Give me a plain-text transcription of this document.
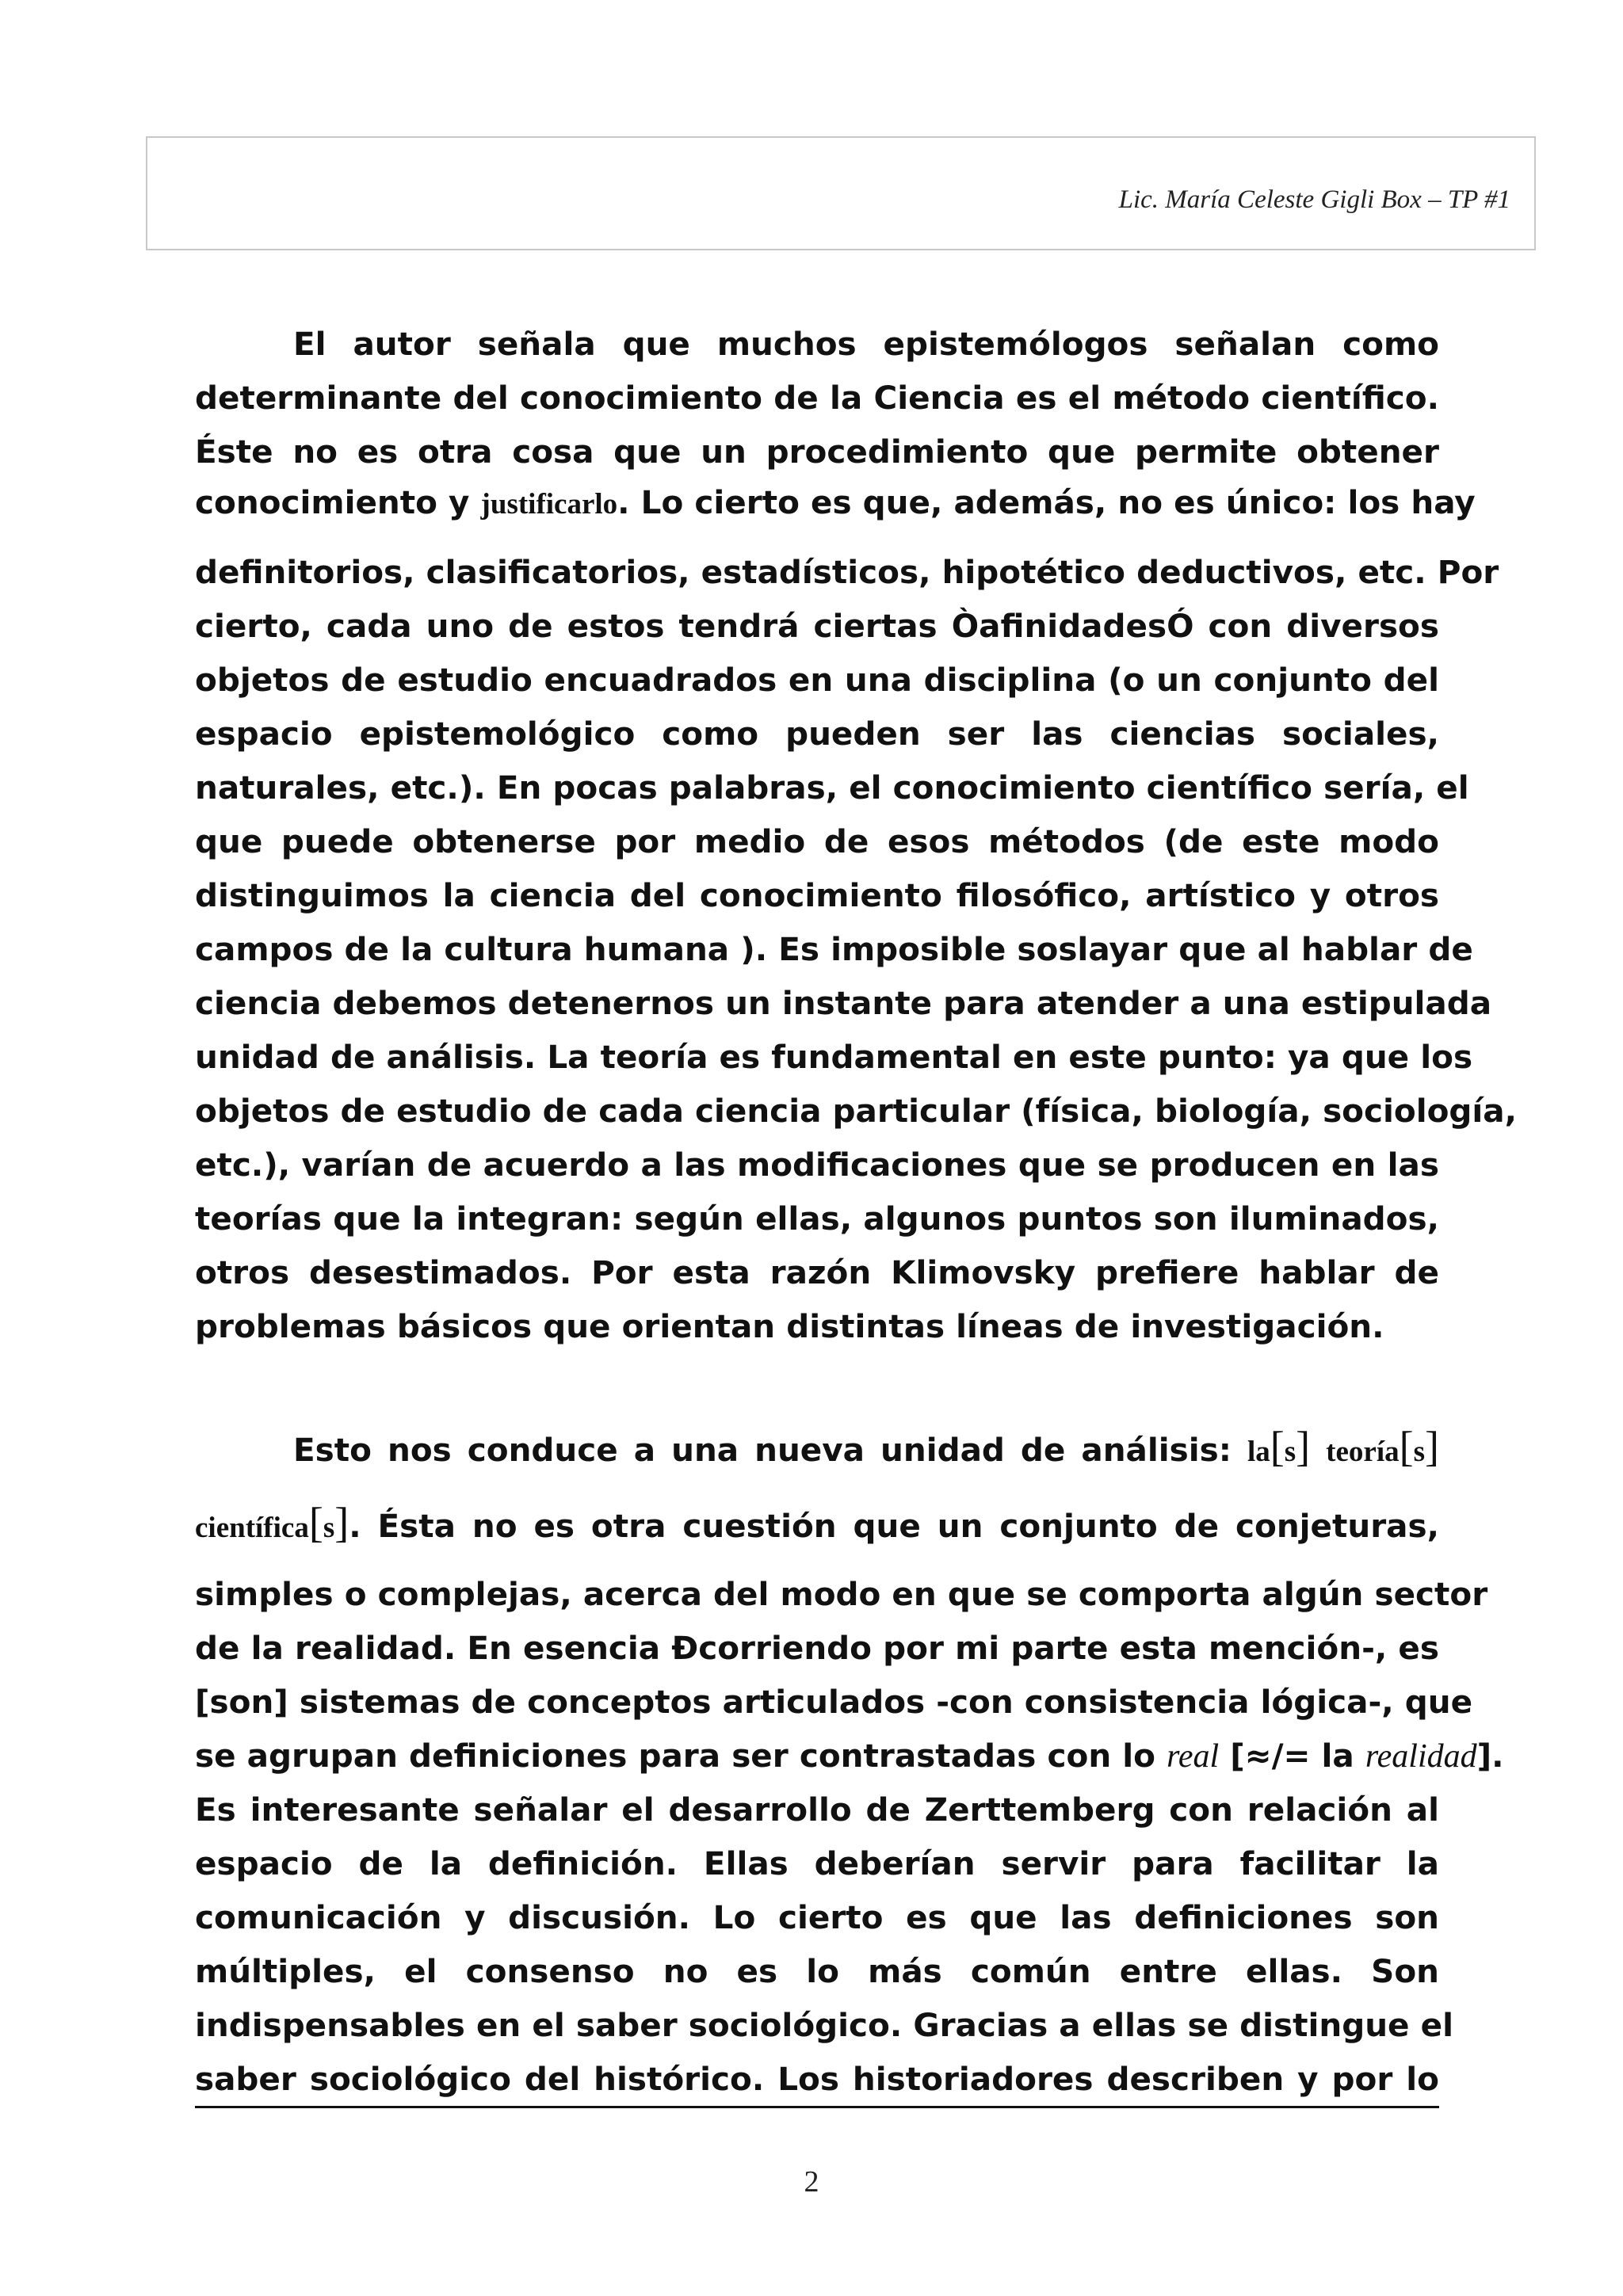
Lic. María Celeste Gigli Box – TP #1
El autor señala que muchos epistemólogos señalan como
determinante del conocimiento de la Ciencia es el método científico.
Éste no es otra cosa que un procedimiento que permite obtener
conocimiento y justificarlo. Lo cierto es que, además, no es único: los hay
definitorios, clasificatorios, estadísticos, hipotético deductivos, etc. Por
cierto, cada uno de estos tendrá ciertas ÒafinidadesÓ con diversos
objetos de estudio encuadrados en una disciplina (o un conjunto del
espacio epistemológico como pueden ser las ciencias sociales,
naturales, etc.). En pocas palabras, el conocimiento científico sería, el
que puede obtenerse por medio de esos métodos (de este modo
distinguimos la ciencia del conocimiento filosófico, artístico y otros
campos de la cultura humana ). Es imposible soslayar que al hablar de
ciencia debemos detenernos un instante para atender a una estipulada
unidad de análisis. La teoría es fundamental en este punto: ya que los
objetos de estudio de cada ciencia particular (física, biología, sociología,
etc.), varían de acuerdo a las modificaciones que se producen en las
teorías que la integran: según ellas, algunos puntos son iluminados,
otros desestimados. Por esta razón Klimovsky prefiere hablar de
problemas básicos que orientan distintas líneas de investigación.
Esto nos conduce a una nueva unidad de análisis: la[s] teoría[s]
científica[s]. Ésta no es otra cuestión que un conjunto de conjeturas,
simples o complejas, acerca del modo en que se comporta algún sector
de la realidad. En esencia Ðcorriendo por mi parte esta mención-, es
[son] sistemas de conceptos articulados -con consistencia lógica-, que
se agrupan definiciones para ser contrastadas con lo real [≈/= la realidad].
Es interesante señalar el desarrollo de Zerttemberg con relación al
espacio de la definición. Ellas deberían servir para facilitar la
comunicación y discusión. Lo cierto es que las definiciones son
múltiples, el consenso no es lo más común entre ellas. Son
indispensables en el saber sociológico. Gracias a ellas se distingue el
saber sociológico del histórico. Los historiadores describen y por lo
2
